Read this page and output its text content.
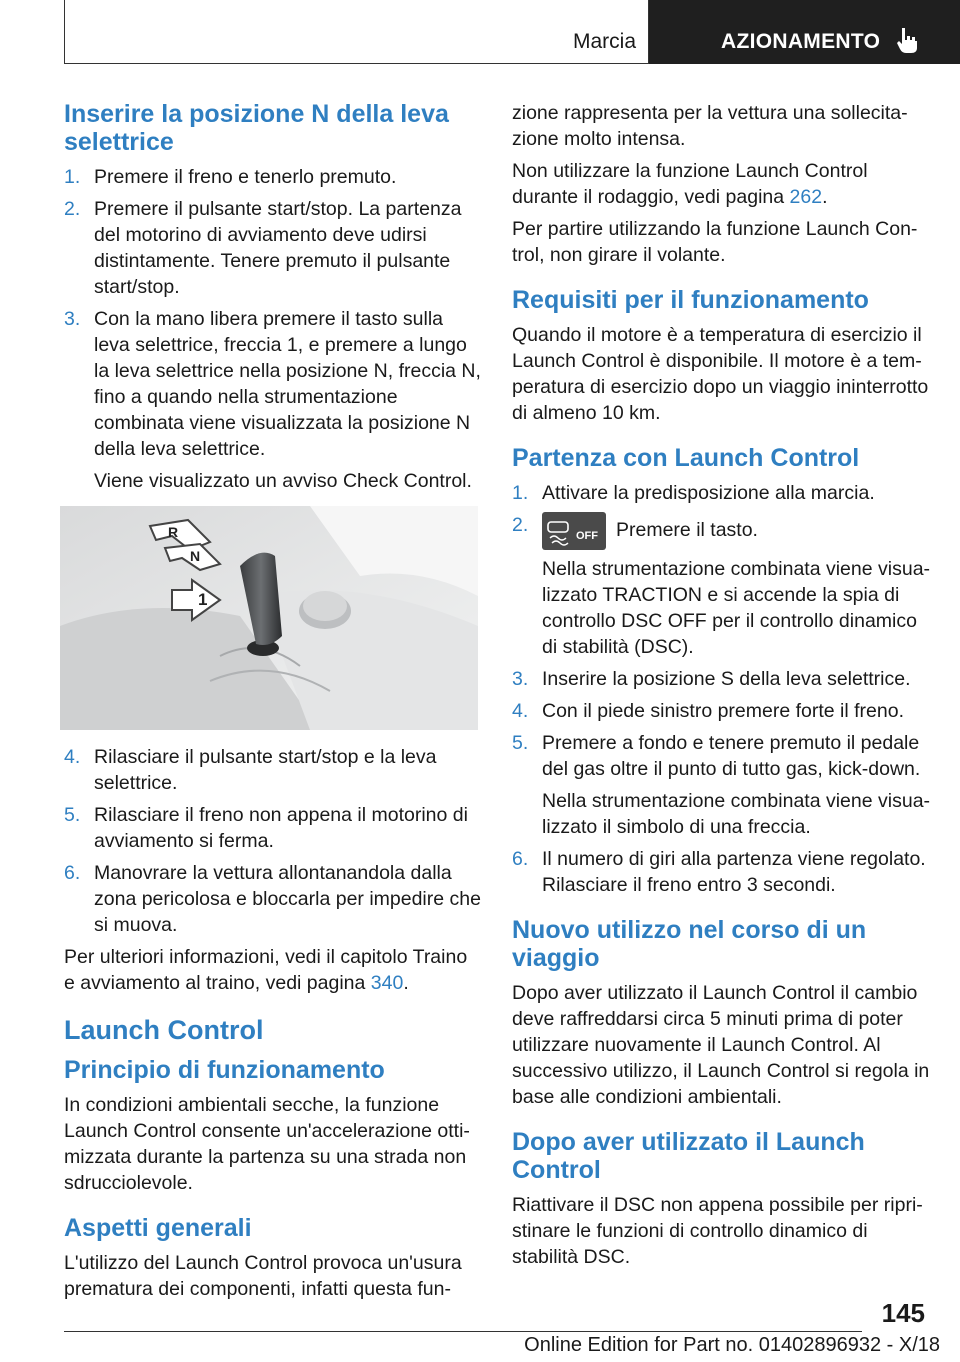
Marcia	AZIONAMENTO
Inserire la posizione N della leva selettrice
1. Premere il freno e tenerlo premuto.
2. Premere il pulsante start/stop. La partenza del motorino di avviamento deve udirsi distintamente. Tenere premuto il pulsante start/stop.
3. Con la mano libera premere il tasto sulla leva selettrice, freccia 1, e premere a lungo la leva selettrice nella posizione N, freccia N, fino a quando nella strumentazione combinata viene visualizzata la posizione N della leva selettrice.
Viene visualizzato un avviso Check Control.
R
N
1
4. Rilasciare il pulsante start/stop e la leva selettrice.
5. Rilasciare il freno non appena il motorino di avviamento si ferma.
6. Manovrare la vettura allontanandola dalla zona pericolosa e bloccarla per impedire che si muova.
Per ulteriori informazioni, vedi il capitolo Traino e avviamento al traino, vedi pagina 340.
Launch Control
Principio di funzionamento
In condizioni ambientali secche, la funzione Launch Control consente un'accelerazione ottimizzata durante la partenza su una strada non sdrucciolevole.
Aspetti generali
L'utilizzo del Launch Control provoca un'usura prematura dei componenti, infatti questa fun-
zione rappresenta per la vettura una sollecitazione molto intensa.
Non utilizzare la funzione Launch Control durante il rodaggio, vedi pagina 262.
Per partire utilizzando la funzione Launch Control, non girare il volante.
Requisiti per il funzionamento
Quando il motore è a temperatura di esercizio il Launch Control è disponibile. Il motore è a temperatura di esercizio dopo un viaggio ininterrotto di almeno 10 km.
Partenza con Launch Control
1. Attivare la predisposizione alla marcia.
2.	OFF Premere il tasto.
Nella strumentazione combinata viene visualizzato TRACTION e si accende la spia di controllo DSC OFF per il controllo dinamico di stabilità (DSC).
3. Inserire la posizione S della leva selettrice.
4. Con il piede sinistro premere forte il freno.
5. Premere a fondo e tenere premuto il pedale del gas oltre il punto di tutto gas, kick-down.
Nella strumentazione combinata viene visualizzato il simbolo di una freccia.
6. Il numero di giri alla partenza viene regolato. Rilasciare il freno entro 3 secondi.
Nuovo utilizzo nel corso di un viaggio
Dopo aver utilizzato il Launch Control il cambio deve raffreddarsi circa 5 minuti prima di poter utilizzare nuovamente il Launch Control. Al successivo utilizzo, il Launch Control si regola in base alle condizioni ambientali.
Dopo aver utilizzato il Launch Control
Riattivare il DSC non appena possibile per ripristinare le funzioni di controllo dinamico di stabilità DSC.
145
Online Edition for Part no. 01402896932 - X/18
